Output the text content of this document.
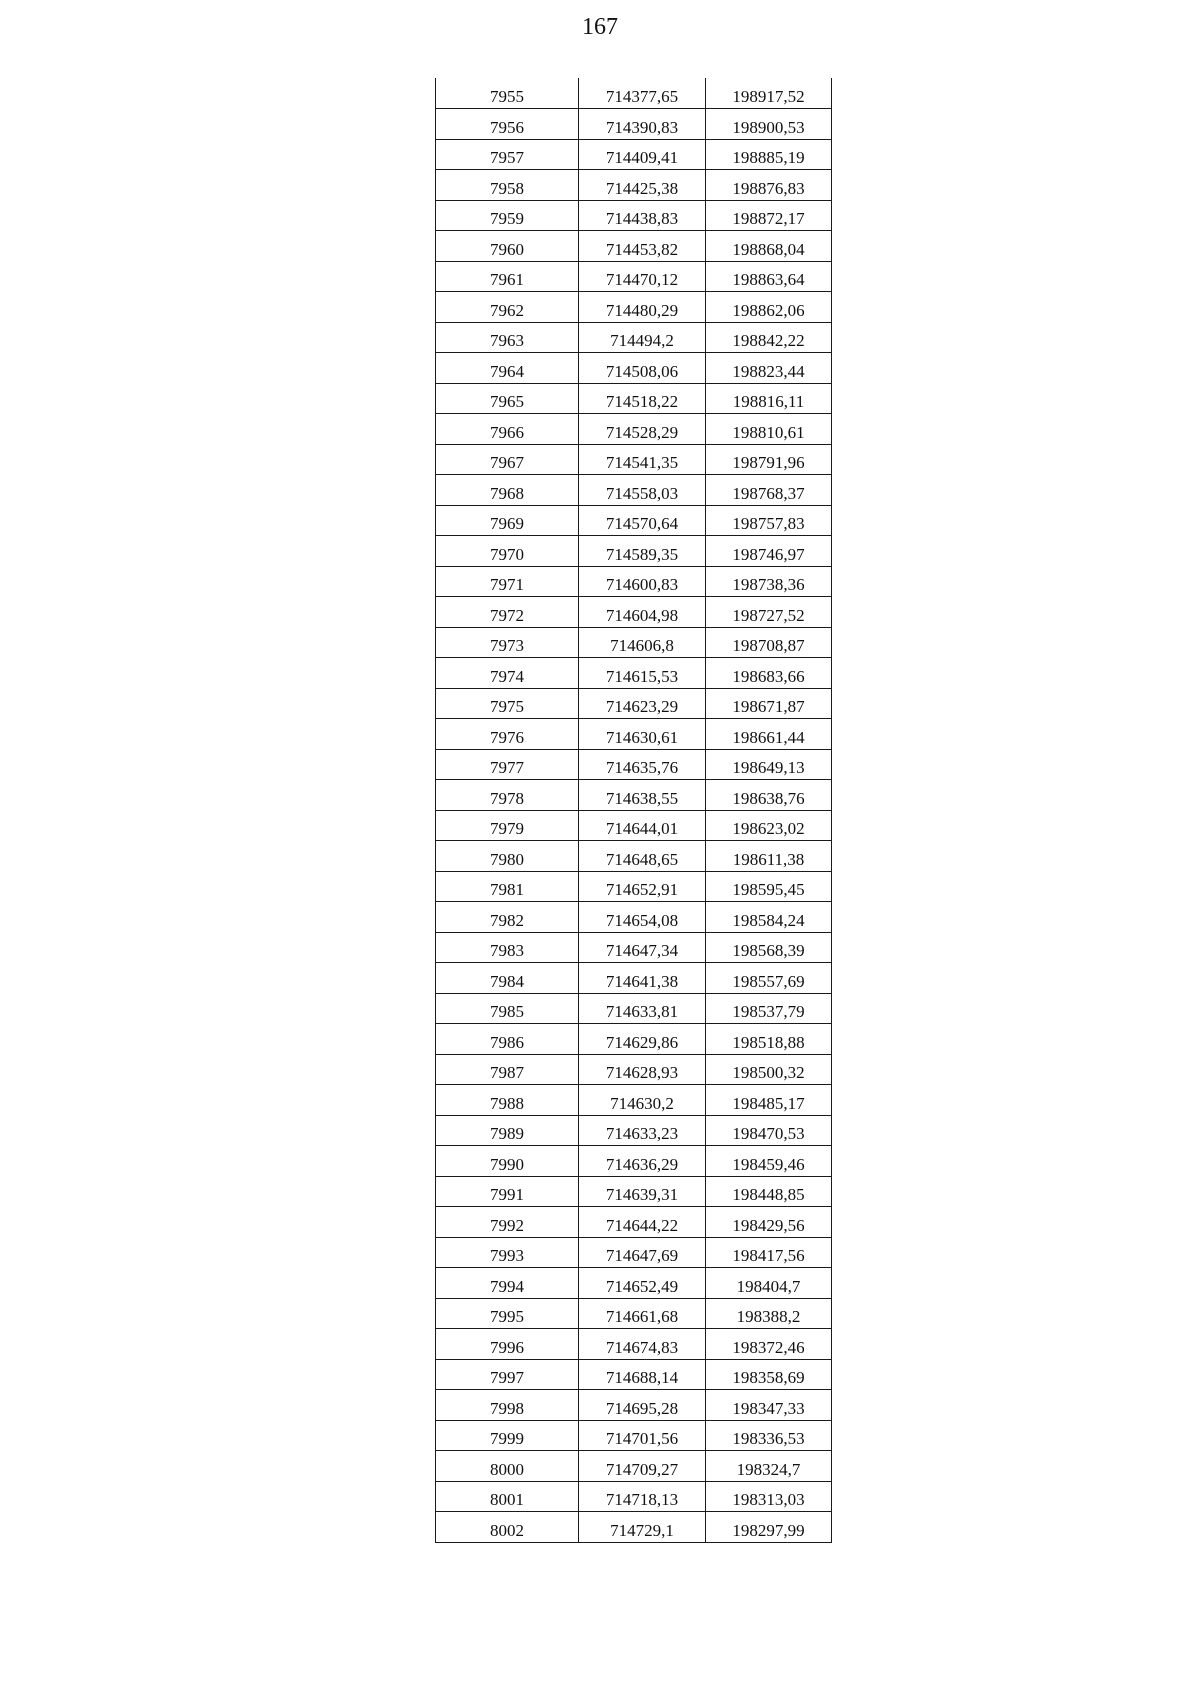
167
7955	714377,65	198917,52
7956	714390,83	198900,53
7957	714409,41	198885,19
7958	714425,38	198876,83
7959	714438,83	198872,17
7960	714453,82	198868,04
7961	714470,12	198863,64
7962	714480,29	198862,06
7963	714494,2	198842,22
7964	714508,06	198823,44
7965	714518,22	198816,11
7966	714528,29	198810,61
7967	714541,35	198791,96
7968	714558,03	198768,37
7969	714570,64	198757,83
7970	714589,35	198746,97
7971	714600,83	198738,36
7972	714604,98	198727,52
7973	714606,8	198708,87
7974	714615,53	198683,66
7975	714623,29	198671,87
7976	714630,61	198661,44
7977	714635,76	198649,13
7978	714638,55	198638,76
7979	714644,01	198623,02
7980	714648,65	198611,38
7981	714652,91	198595,45
7982	714654,08	198584,24
7983	714647,34	198568,39
7984	714641,38	198557,69
7985	714633,81	198537,79
7986	714629,86	198518,88
7987	714628,93	198500,32
7988	714630,2	198485,17
7989	714633,23	198470,53
7990	714636,29	198459,46
7991	714639,31	198448,85
7992	714644,22	198429,56
7993	714647,69	198417,56
7994	714652,49	198404,7
7995	714661,68	198388,2
7996	714674,83	198372,46
7997	714688,14	198358,69
7998	714695,28	198347,33
7999	714701,56	198336,53
8000	714709,27	198324,7
8001	714718,13	198313,03
8002	714729,1	198297,99
